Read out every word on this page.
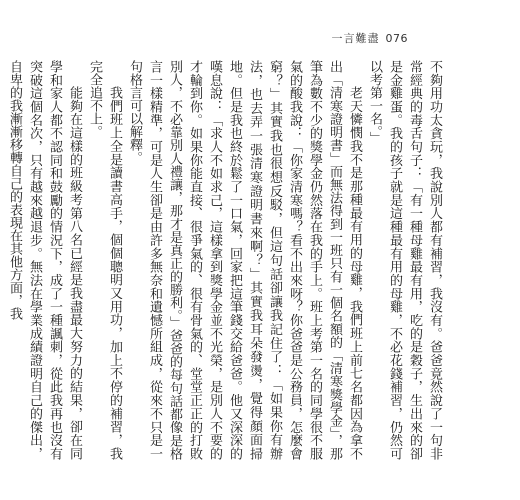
一言難盡 076

不夠用功太貪玩，我說別人都有補習，我沒有。爸爸竟然說了一句非常經典的毒舌句子：「有一種母雞最有用，吃的是穀子，生出來的卻是金雞蛋。我的孩子就是這種最有用的母雞，不必花錢補習，仍然可以考第一名。」

老天憐憫我不是那種最有用的母雞，我們班上前七名都因為拿不出「清寒證明書」而無法得到一班只有一個名額的「清寒獎學金」，那筆為數不少的獎學金仍然落在我的手上。班上考第一名的同學很不服氣的酸我說：「你家清寒嗎？看不出來呀？你爸爸是公務員，怎麼會窮？」其實我也很想反駁，但這句話卻讓我記住了：「如果你有辦法，也去弄一張清寒證明書來啊？」其實我耳朵發燙，覺得顏面掃地。但是我也終於鬆了一口氣，回家把這筆錢交給爸爸。他又深深的嘆息說：「求人不如求己，這樣拿到獎學金並不光榮，是別人不要的才輪到你。如果你能直接、很爭氣的、很有骨氣的、堂堂正正的打敗別人，不必靠別人禮讓，那才是真正的勝利。」爸爸的每句話都像是格言一樣精準，可是人生卻是由許多無奈和遺憾所組成，從來不只是一句格言可以解釋。

我們班上全是讀書高手，個個聰明又用功，加上不停的補習，我完全追不上。

能夠在這樣的班級考第八名已經是我盡最大努力的結果，卻在同學和家人都不認同和鼓勵的情況下，成了一種諷刺，從此我再也沒有突破這個名次，只有越來越退步。無法在學業成績證明自己的傑出，自卑的我漸漸移轉自己的表現在其他方面，我
